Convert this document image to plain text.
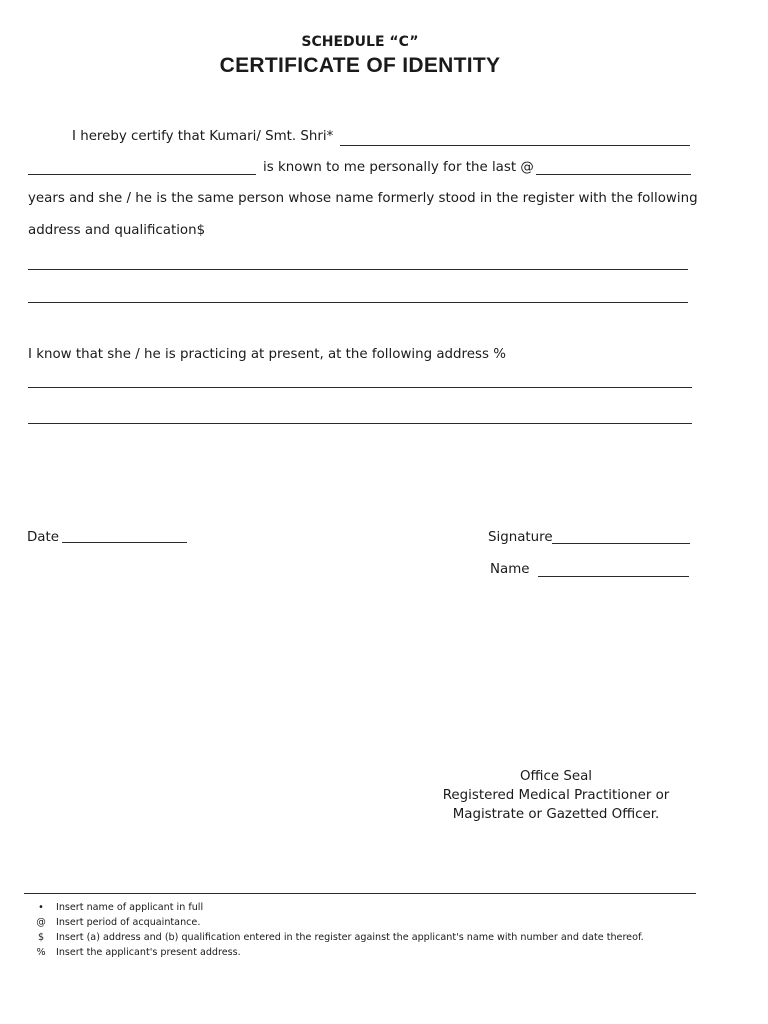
SCHEDULE “C”
CERTIFICATE OF IDENTITY
I hereby certify that Kumari/ Smt. Shri*
is known to me personally for the last @
years and she / he is the same person whose name formerly stood in the register with the following
address and qualification$
I know that she / he is practicing at present, at the following address %
Date	Signature
Name
Office Seal
Registered Medical Practitioner or
Magistrate or Gazetted Officer.
•	Insert name of applicant in full
@ Insert period of acquaintance.
$	Insert (a) address and (b) qualification entered in the register against the applicant's name with number and date thereof.
% Insert the applicant's present address.
